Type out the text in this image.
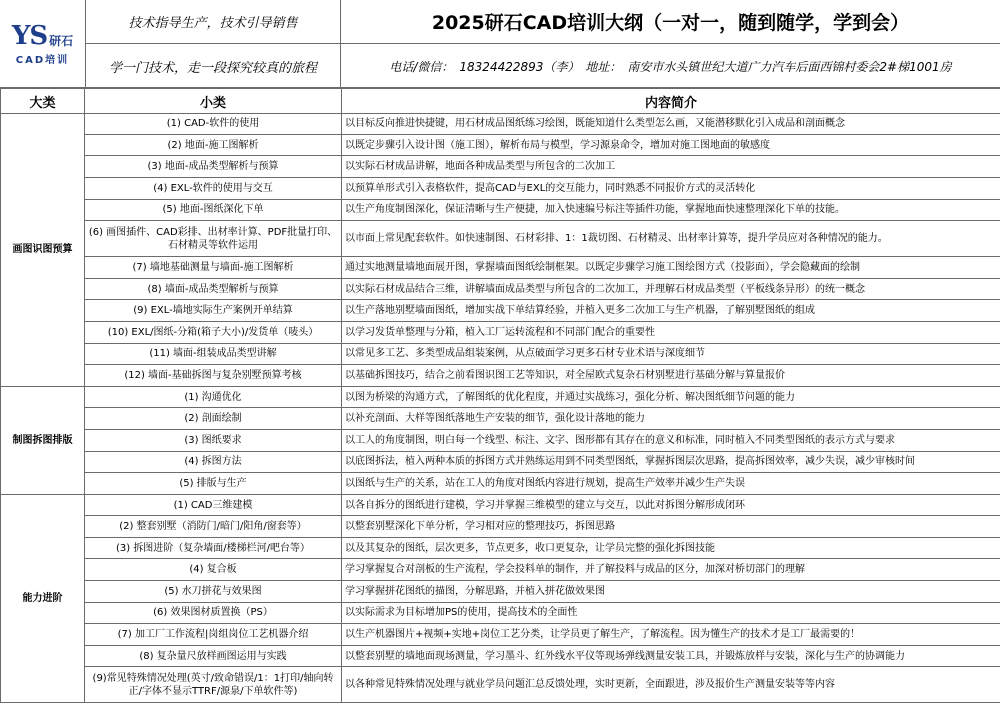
YS 研石
CAD培训
技术指导生产，技术引导销售
学一门技术，走一段探究较真的旅程
2025研石CAD培训大纲（一对一，随到随学，学到会）
电话/微信： 18324422893（李） 地址： 南安市水头镇世纪大道广力汽车后面西锦村委会2#梯1001房
大类	小类	内容简介
画图识图预算	(1) CAD-软件的使用	以目标反向推进快捷键，用石材成品图纸练习绘图，既能知道什么类型怎么画，又能潜移默化引入成品和剖面概念
	(2) 地面-施工图解析	以既定步骤引入设计图（施工图），解析布局与模型，学习源泉命令，增加对施工图地面的敏感度
	(3) 地面-成品类型解析与预算	以实际石材成品讲解，地面各种成品类型与所包含的二次加工
	(4) EXL-软件的使用与交互	以预算单形式引入表格软件，提高CAD与EXL的交互能力，同时熟悉不同报价方式的灵活转化
	(5) 地面-图纸深化下单	以生产角度制图深化，保证清晰与生产便捷，加入快速编号标注等插件功能，掌握地面快速整理深化下单的技能。
	(6) 画图插件、CAD彩排、出材率计算、PDF批量打印、石材精灵等软件运用	以市面上常见配套软件。如快速制图、石材彩排、1：1裁切图、石材精灵、出材率计算等，提升学员应对各种情况的能力。
	(7) 墙地基础测量与墙面-施工图解析	通过实地测量墙地面展开图，掌握墙面图纸绘制框架。以既定步骤学习施工图绘图方式（投影面），学会隐藏面的绘制
	(8) 墙面-成品类型解析与预算	以实际石材成品结合三维，讲解墙面成品类型与所包含的二次加工，并理解石材成品类型（平板线条异形）的统一概念
	(9) EXL-墙地实际生产案例开单结算	以生产落地别墅墙面图纸，增加实战下单结算经验，并植入更多二次加工与生产机器，了解别墅图纸的组成
	(10) EXL/图纸-分箱(箱子大小)/发货单（唛头）	以学习发货单整理与分箱，植入工厂运转流程和不同部门配合的重要性
	(11) 墙面-组装成品类型讲解	以常见多工艺、多类型成品组装案例，从点破面学习更多石材专业术语与深度细节
	(12) 墙面-基础拆图与复杂别墅预算考核	以基础拆图技巧，结合之前看图识图工艺等知识，对全屋欧式复杂石材别墅进行基础分解与算量报价
制图拆图排版	(1) 沟通优化	以图为桥梁的沟通方式，了解图纸的优化程度，并通过实战练习，强化分析、解决图纸细节问题的能力
	(2) 剖面绘制	以补充剖面、大样等图纸落地生产安装的细节，强化设计落地的能力
	(3) 图纸要求	以工人的角度制图，明白每一个线型、标注、文字、图形都有其存在的意义和标准，同时植入不同类型图纸的表示方式与要求
	(4) 拆图方法	以底图拆法，植入两种本质的拆图方式并熟练运用到不同类型图纸，掌握拆图层次思路，提高拆图效率，减少失误，减少审核时间
	(5) 排版与生产	以图纸与生产的关系，站在工人的角度对图纸内容进行规划，提高生产效率并减少生产失误
能力进阶	(1) CAD三维建模	以各自拆分的图纸进行建模，学习并掌握三维模型的建立与交互，以此对拆图分解形成闭环
	(2) 整套别墅（消防门/暗门/阳角/窗套等）	以整套别墅深化下单分析，学习相对应的整理技巧，拆图思路
	(3) 拆图进阶（复杂墙面/楼梯栏河/吧台等）	以及其复杂的图纸，层次更多，节点更多，收口更复杂，让学员完整的强化拆图技能
	(4) 复合板	学习掌握复合对剖板的生产流程，学会投料单的制作，并了解投料与成品的区分，加深对桥切部门的理解
	(5) 水刀拼花与效果图	学习掌握拼花图纸的描图，分解思路，并植入拼花做效果图
	(6) 效果图材质置换（PS）	以实际需求为目标增加PS的使用，提高技术的全面性
	(7) 加工厂工作流程|岗组岗位工艺机器介绍	以生产机器图片+视频+实地+岗位工艺分类，让学员更了解生产，了解流程。因为懂生产的技术才是工厂最需要的！
	(8) 复杂量尺放样画图运用与实践	以整套别墅的墙地面现场测量，学习墨斗、红外线水平仪等现场弹线测量安装工具，并锻炼放样与安装，深化与生产的协调能力
	(9)常见特殊情况处理(英寸/致命错误/1：1打印/轴向转正/字体不显示TTRF/源泉/下单软件等)	以各种常见特殊情况处理与就业学员问题汇总反馈处理，实时更新，全面跟进，涉及报价生产测量安装等等内容
